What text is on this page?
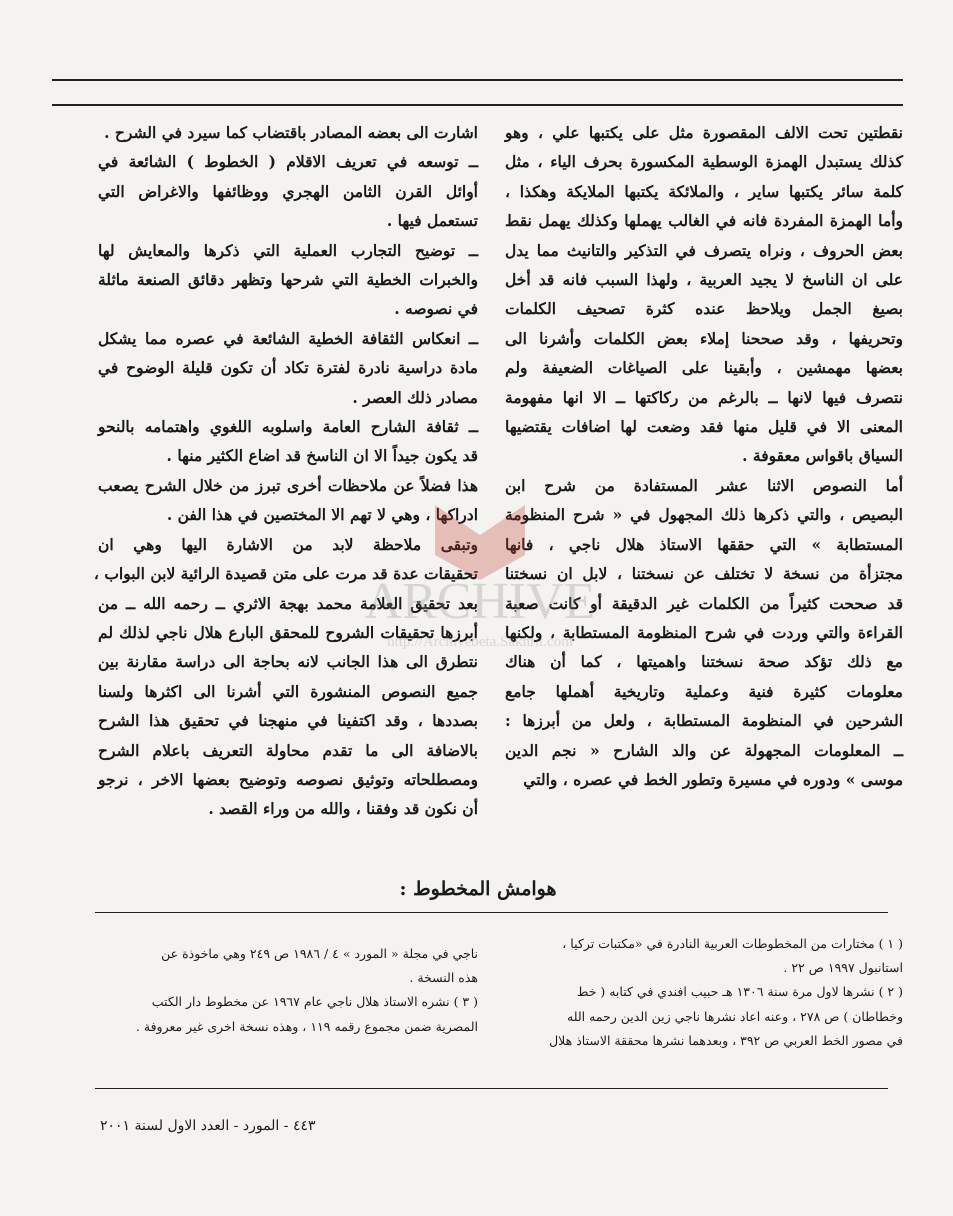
نقطتين تحت الالف المقصورة مثل على يكتبها علي ، وهو
كذلك يستبدل الهمزة الوسطية المكسورة بحرف الياء ، مثل
كلمة سائر يكتبها ساير ، والملائكة يكتبها الملايكة وهكذا ،
وأما الهمزة المفردة فانه في الغالب يهملها وكذلك يهمل نقط
بعض الحروف ، ونراه يتصرف في التذكير والتانيث مما يدل
على ان الناسخ لا يجيد العربية ، ولهذا السبب فانه قد أخل
بصيغ الجمل ويلاحظ عنده كثرة تصحيف الكلمات
وتحريفها ، وقد صححنا إملاء بعض الكلمات وأشرنا الى
بعضها مهمشين ، وأبقينا على الصياغات الضعيفة ولم
نتصرف فيها لانها ــ بالرغم من ركاكتها ــ الا انها مفهومة
المعنى الا في قليل منها فقد وضعت لها اضافات يقتضيها
السياق باقواس معقوفة .
أما النصوص الاثنا عشر المستفادة من شرح ابن
البصيص ، والتي ذكرها ذلك المجهول في « شرح المنظومة
المستطابة » التي حققها الاستاذ هلال ناجي ، فانها
مجتزأة من نسخة لا تختلف عن نسختنا ، لابل ان نسختنا
قد صححت كثيراً من الكلمات غير الدقيقة أو كانت صعبة
القراءة والتي وردت في شرح المنظومة المستطابة ، ولكنها
مع ذلك تؤكد صحة نسختنا واهميتها ، كما أن هناك
معلومات كثيرة فنية وعملية وتاريخية أهملها جامع
الشرحين في المنظومة المستطابة ، ولعل من أبرزها :
ــ المعلومات المجهولة عن والد الشارح « نجم الدين
موسى » ودوره في مسيرة وتطور الخط في عصره ، والتي
اشارت الى بعضه المصادر باقتضاب كما سيرد في الشرح .
ــ توسعه في تعريف الاقلام ( الخطوط ) الشائعة في
أوائل القرن الثامن الهجري ووظائفها والاغراض التي
تستعمل فيها .
ــ توضيح التجارب العملية التي ذكرها والمعايش لها
والخبرات الخطية التي شرحها وتظهر دقائق الصنعة ماثلة
في نصوصه .
ــ انعكاس الثقافة الخطية الشائعة في عصره مما يشكل
مادة دراسية نادرة لفترة تكاد أن تكون قليلة الوضوح في
مصادر ذلك العصر .
ــ ثقافة الشارح العامة واسلوبه اللغوي واهتمامه بالنحو
قد يكون جيداً الا ان الناسخ قد اضاع الكثير منها .
هذا فضلاً عن ملاحظات أخرى تبرز من خلال الشرح يصعب
ادراكها ، وهي لا تهم الا المختصين في هذا الفن .
وتبقى ملاحظة لابد من الاشارة اليها وهي ان
تحقيقات عدة قد مرت على متن قصيدة الرائية لابن البواب ،
بعد تحقيق العلامة محمد بهجة الاثري ــ رحمه الله ــ من
أبرزها تحقيقات الشروح للمحقق البارع هلال ناجي لذلك لم
نتطرق الى هذا الجانب لانه بحاجة الى دراسة مقارنة بين
جميع النصوص المنشورة التي أشرنا الى اكثرها ولسنا
بصددها ، وقد اكتفينا في منهجنا في تحقيق هذا الشرح
بالاضافة الى ما تقدم محاولة التعريف باعلام الشرح
ومصطلحاته وتوثيق نصوصه وتوضيح بعضها الاخر ، نرجو
أن نكون قد وفقنا ، والله من وراء القصد .
هوامش المخطوط :
( ١ ) مختارات من المخطوطات العربية النادرة في «مكتبات تركيا ،
استانبول ١٩٩٧ ص ٢٢ .
( ٢ ) نشرها لاول مرة سنة ١٣٠٦ هـ حبيب افندي في كتابه ( خط
وخطاطان ) ص ٢٧٨ ، وعنه اعاد نشرها ناجي زين الدين رحمه الله
في مصور الخط العربي ص ٣٩٢ ، وبعدهما نشرها محققة الاستاذ هلال
ناجي في مجلة « المورد » ٤ / ١٩٨٦ ص ٢٤٩ وهي ماخوذة عن
هذه النسخة .
( ٣ ) نشره الاستاذ هلال ناجي عام ١٩٦٧ عن مخطوط دار الكتب
المصرية ضمن مجموع رقمه ١١٩ ، وهذه نسخة اخرى غير معروفة .
٤٤٣ - المورد - العدد الاول لسنة ٢٠٠١
ARCHIVE
http://Archivebeta.Sakhrit.com
